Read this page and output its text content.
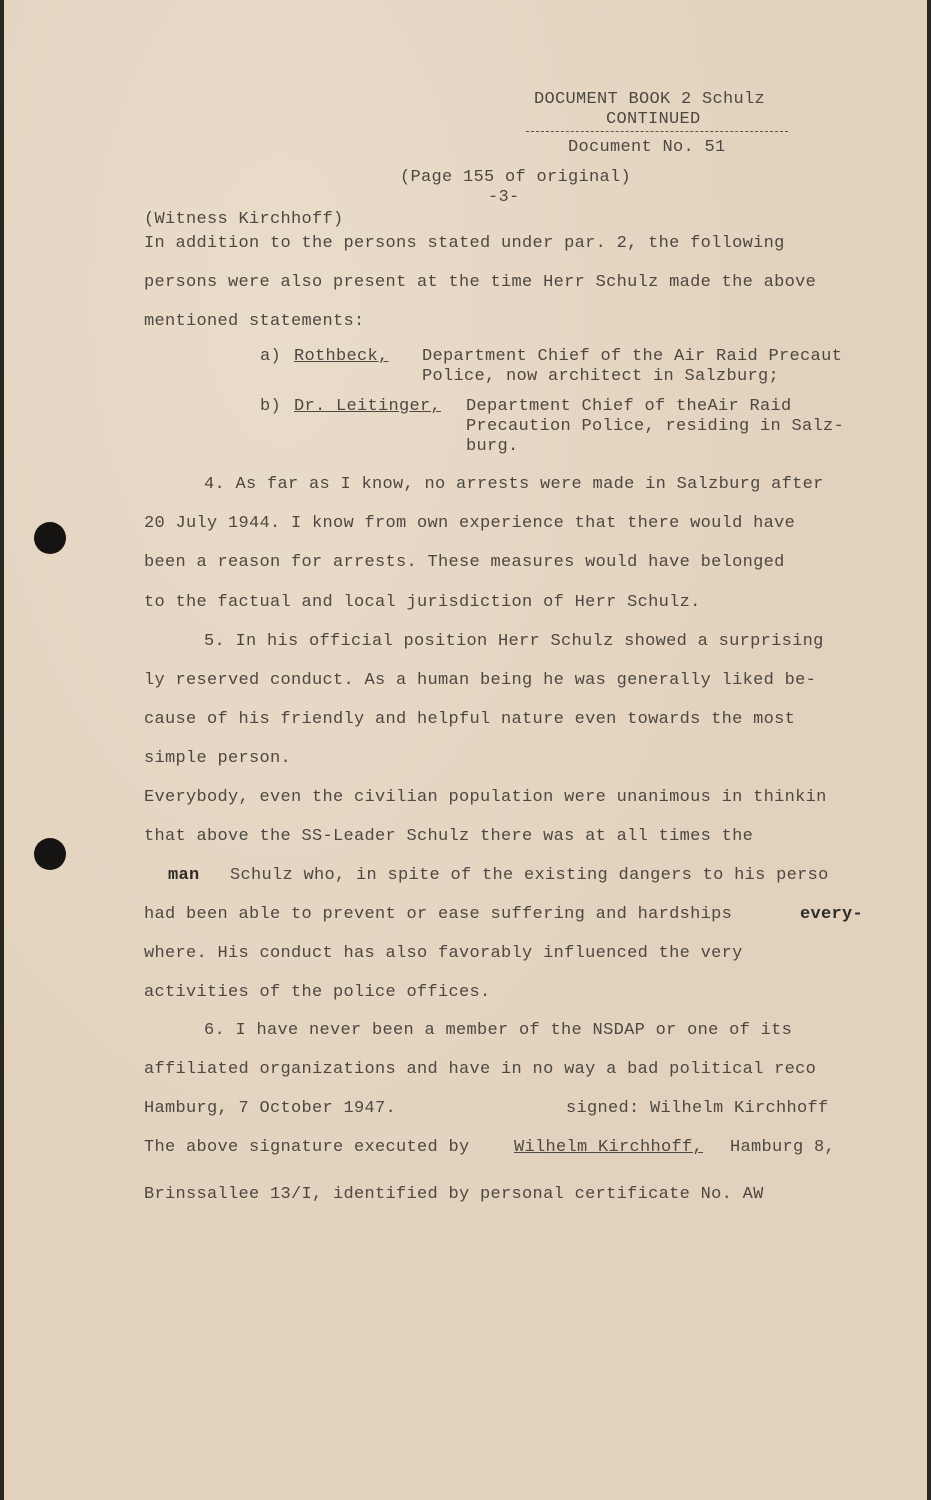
DOCUMENT BOOK 2 Schulz
CONTINUED
Document No. 51
(Page 155 of original)
-3-
(Witness Kirchhoff)
In addition to the persons stated under par. 2, the following
persons were also present at the time Herr Schulz made the above
mentioned statements:
a) Rothbeck, Department Chief of the Air Raid Precaut
Police, now architect in Salzburg;
b) Dr. Leitinger, Department Chief of theAir Raid
Precaution Police, residing in Salz-
burg.
4. As far as I know, no arrests were made in Salzburg after
20 July 1944. I know from own experience that there would have
been a reason for arrests. These measures would have belonged
to the factual and local jurisdiction of Herr Schulz.
5. In his official position Herr Schulz showed a surprising
ly reserved conduct. As a human being he was generally liked be-
cause of his friendly and helpful nature even towards the most
simple person.
Everybody, even the civilian population were unanimous in thinkin
that above the SS-Leader Schulz there was at all times the
man Schulz who, in spite of the existing dangers to his perso
had been able to prevent or ease suffering and hardships	every-
where. His conduct has also favorably influenced the very
activities of the police offices.
6. I have never been a member of the NSDAP or one of its
affiliated organizations and have in no way a bad political reco
Hamburg, 7 October 1947.	signed: Wilhelm Kirchhoff
The above signature executed by	Wilhelm Kirchhoff, Hamburg 8,
Brinssallee 13/I, identified by personal certificate No. AW
